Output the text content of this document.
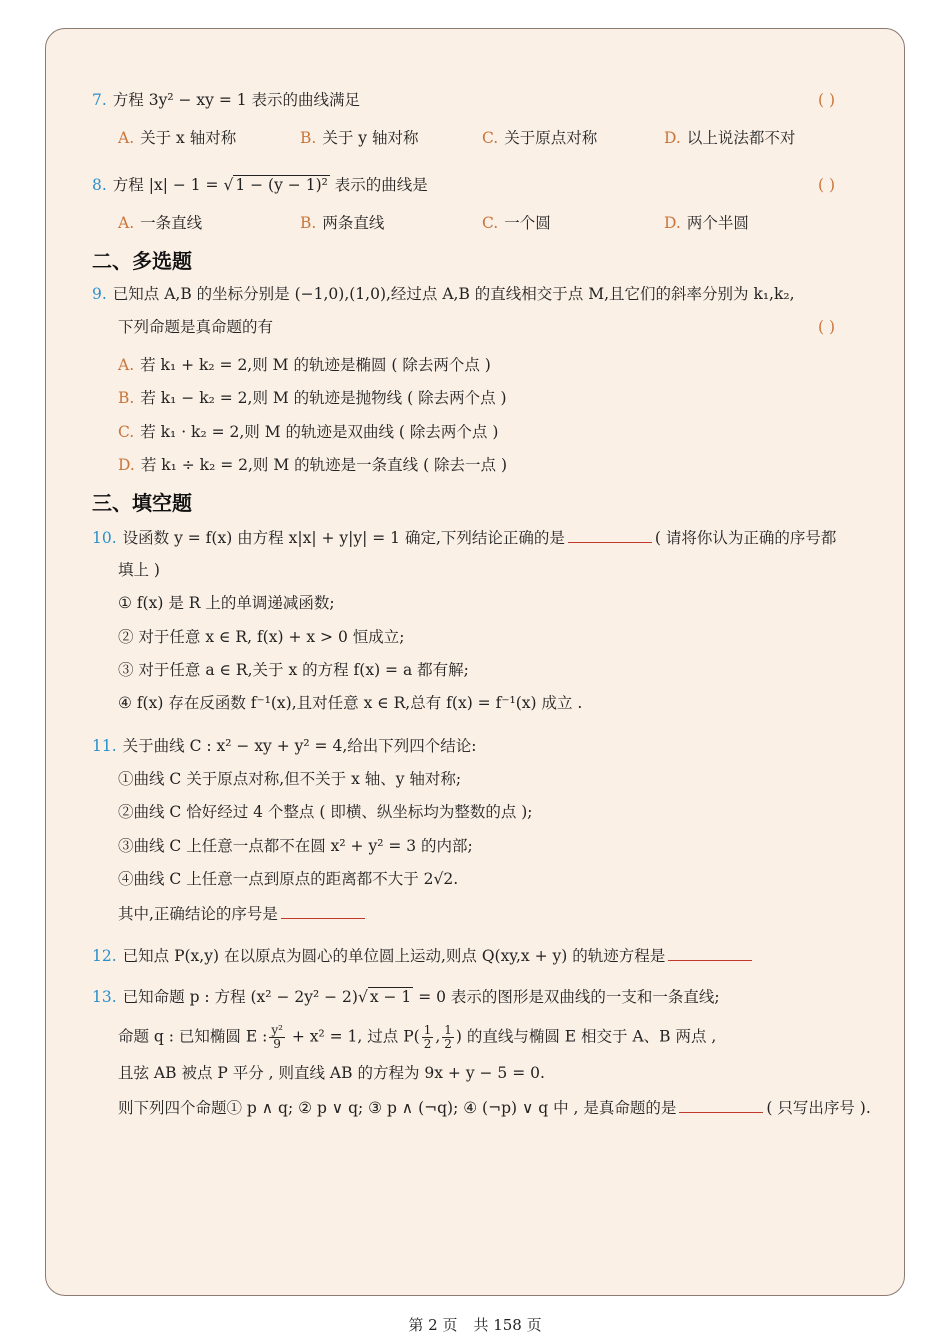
7. 方程 3y² − xy = 1 表示的曲线满足	( )
A. 关于 x 轴对称	B. 关于 y 轴对称	C. 关于原点对称	D. 以上说法都不对
8. 方程 |x| − 1 = √ 1 − (y − 1)² 表示的曲线是	( )
A. 一条直线	B. 两条直线	C. 一个圆	D. 两个半圆
二、多选题
9. 已知点 A,B 的坐标分别是 (−1,0),(1,0),经过点 A,B 的直线相交于点 M,且它们的斜率分别为 k₁,k₂,
下列命题是真命题的有	( )
A. 若 k₁ + k₂ = 2,则 M 的轨迹是椭圆 ( 除去两个点 )
B. 若 k₁ − k₂ = 2,则 M 的轨迹是抛物线 ( 除去两个点 )
C. 若 k₁ · k₂ = 2,则 M 的轨迹是双曲线 ( 除去两个点 )
D. 若 k₁ ÷ k₂ = 2,则 M 的轨迹是一条直线 ( 除去一点 )
三、填空题
10. 设函数 y = f(x) 由方程 x|x| + y|y| = 1 确定,下列结论正确的是	( 请将你认为正确的序号都
填上 )
① f(x) 是 R 上的单调递减函数;
② 对于任意 x ∈ R, f(x) + x > 0 恒成立;
③ 对于任意 a ∈ R,关于 x 的方程 f(x) = a 都有解;
④ f(x) 存在反函数 f⁻¹(x),且对任意 x ∈ R,总有 f(x) = f⁻¹(x) 成立 .
11. 关于曲线 C : x² − xy + y² = 4,给出下列四个结论:
①曲线 C 关于原点对称,但不关于 x 轴、y 轴对称;
②曲线 C 恰好经过 4 个整点 ( 即横、纵坐标均为整数的点 );
③曲线 C 上任意一点都不在圆 x² + y² = 3 的内部;
④曲线 C 上任意一点到原点的距离都不大于 2√2.
其中,正确结论的序号是
12. 已知点 P(x,y) 在以原点为圆心的单位圆上运动,则点 Q(xy,x + y) 的轨迹方程是
13. 已知命题 p : 方程 (x² − 2y² − 2)√ x − 1 = 0 表示的图形是双曲线的一支和一条直线;
命题 q : 已知椭圆 E : $\frac{\text{y²}}{9} + x^2 = 1$, 过点 $P( \frac{1}{2}$ , $\frac{1}{2}$ ) 的直线与椭圆 E 相交于 A、B 两点 ,
且弦 AB 被点 P 平分 , 则直线 AB 的方程为 9x + y − 5 = 0.
则下列四个命题① p ∧ q; ② p ∨ q; ③ p ∧ (¬q); ④ (¬p) ∨ q 中 , 是真命题的是	( 只写出序号 ).
第 2 页 共 158 页
